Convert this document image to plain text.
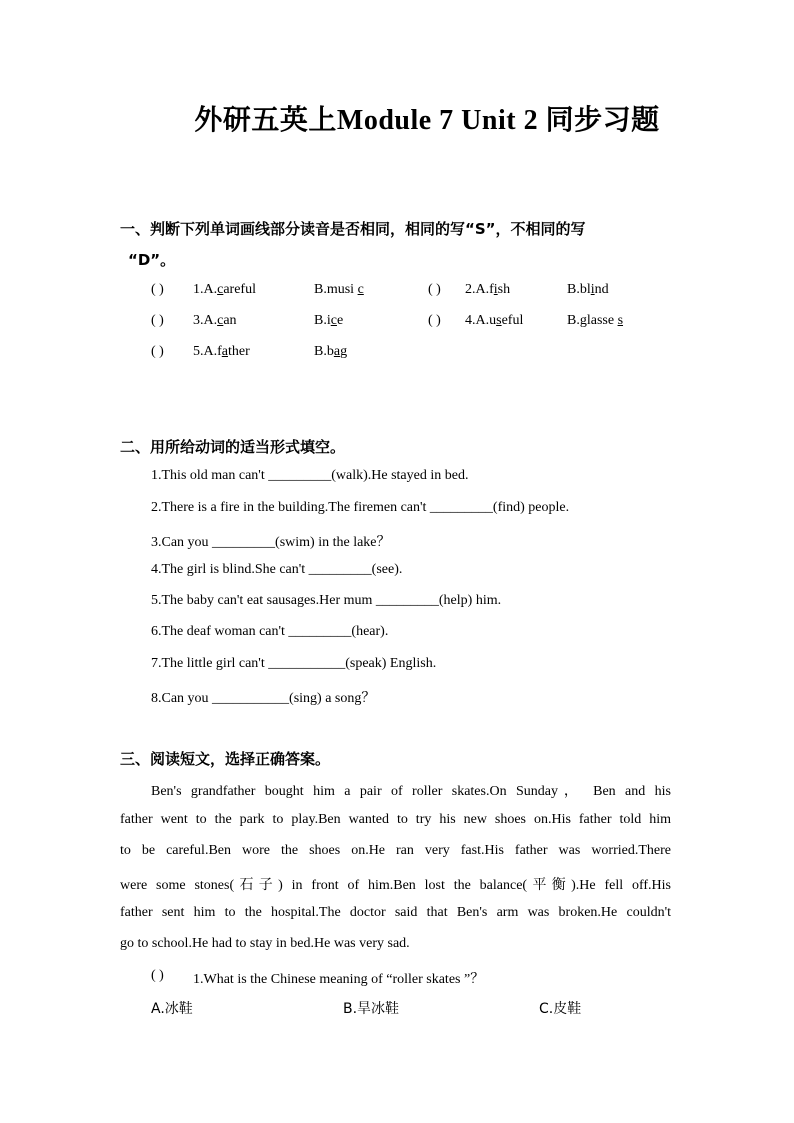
外研五英上Module 7 Unit 2 同步习题
一、判断下列单词画线部分读音是否相同，相同的写“S”，不相同的写
“D”。
( ) 1.A.careful	B.musi c	( ) 2.A.fish	B.blind
( ) 3.A.can	B.ice	( ) 4.A.useful	B.glasse s
( ) 5.A.father	B.bag
二、用所给动词的适当形式填空。
1.This old man can't _________(walk).He stayed in bed.
2.There is a fire in the building.The firemen can't _________(find) people.
3.Can you _________(swim) in the lake？
4.The girl is blind.She can't _________(see).
5.The baby can't eat sausages.Her mum _________(help) him.
6.The deaf woman can't _________(hear).
7.The little girl can't ___________(speak) English.
8.Can you ___________(sing) a song？
三、阅读短文，选择正确答案。
Ben's grandfather bought him a pair of roller skates.On Sunday， Ben and his
father went to the park to play.Ben wanted to try his new shoes on.His father told him
to be careful.Ben wore the shoes on.He ran very fast.His father was worried.There
were some stones(石子) in front of him.Ben lost the balance(平衡).He fell off.His
father sent him to the hospital.The doctor said that Ben's arm was broken.He couldn't
go to school.He had to stay in bed.He was very sad.
( ) 1.What is the Chinese meaning of “roller skates ”？
A.冰鞋	B.旱冰鞋	C.皮鞋
